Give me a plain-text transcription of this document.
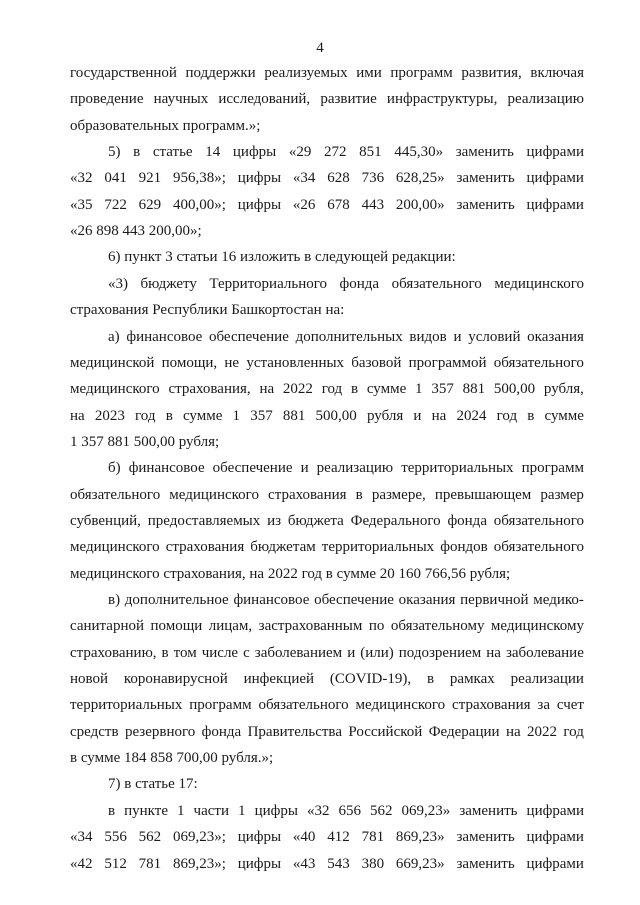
4
государственной поддержки реализуемых ими программ развития, включая
проведение научных исследований, развитие инфраструктуры, реализацию
образовательных программ.»;
5) в статье 14 цифры «29 272 851 445,30» заменить цифрами
«32 041 921 956,38»; цифры «34 628 736 628,25» заменить цифрами
«35 722 629 400,00»; цифры «26 678 443 200,00» заменить цифрами
«26 898 443 200,00»;
6) пункт 3 статьи 16 изложить в следующей редакции:
«3) бюджету Территориального фонда обязательного медицинского
страхования Республики Башкортостан на:
а) финансовое обеспечение дополнительных видов и условий оказания
медицинской помощи, не установленных базовой программой обязательного
медицинского страхования, на 2022 год в сумме 1 357 881 500,00 рубля,
на 2023 год в сумме 1 357 881 500,00 рубля и на 2024 год в сумме
1 357 881 500,00 рубля;
б) финансовое обеспечение и реализацию территориальных программ
обязательного медицинского страхования в размере, превышающем размер
субвенций, предоставляемых из бюджета Федерального фонда обязательного
медицинского страхования бюджетам территориальных фондов обязательного
медицинского страхования, на 2022 год в сумме 20 160 766,56 рубля;
в) дополнительное финансовое обеспечение оказания первичной медико-
санитарной помощи лицам, застрахованным по обязательному медицинскому
страхованию, в том числе с заболеванием и (или) подозрением на заболевание
новой коронавирусной инфекцией (COVID-19), в рамках реализации
территориальных программ обязательного медицинского страхования за счет
средств резервного фонда Правительства Российской Федерации на 2022 год
в сумме 184 858 700,00 рубля.»;
7) в статье 17:
в пункте 1 части 1 цифры «32 656 562 069,23» заменить цифрами
«34 556 562 069,23»; цифры «40 412 781 869,23» заменить цифрами
«42 512 781 869,23»; цифры «43 543 380 669,23» заменить цифрами
